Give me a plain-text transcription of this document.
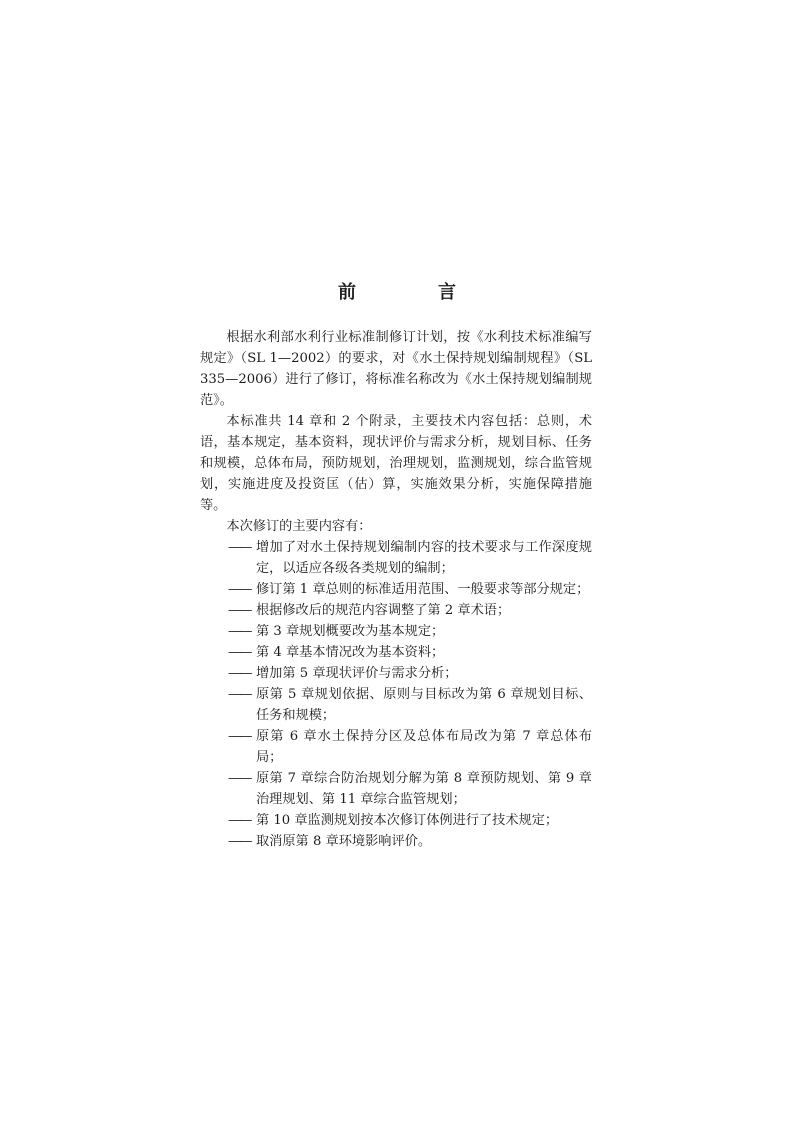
前　言

根据水利部水利行业标准制修订计划，按《水利技术标准编写规定》（SL 1—2002）的要求，对《水土保持规划编制规程》（SL 335—2006）进行了修订，将标准名称改为《水土保持规划编制规范》。

本标准共 14 章和 2 个附录，主要技术内容包括：总则，术语，基本规定，基本资料，现状评价与需求分析，规划目标、任务和规模，总体布局，预防规划，治理规划，监测规划，综合监管规划，实施进度及投资匡（估）算，实施效果分析，实施保障措施等。

本次修订的主要内容有：

—— 增加了对水土保持规划编制内容的技术要求与工作深度规定，以适应各级各类规划的编制；

—— 修订第 1 章总则的标准适用范围、一般要求等部分规定；

—— 根据修改后的规范内容调整了第 2 章术语；

—— 第 3 章规划概要改为基本规定；

—— 第 4 章基本情况改为基本资料；

—— 增加第 5 章现状评价与需求分析；

—— 原第 5 章规划依据、原则与目标改为第 6 章规划目标、任务和规模；

—— 原第 6 章水土保持分区及总体布局改为第 7 章总体布局；

—— 原第 7 章综合防治规划分解为第 8 章预防规划、第 9 章治理规划、第 11 章综合监管规划；

—— 第 10 章监测规划按本次修订体例进行了技术规定；

—— 取消原第 8 章环境影响评价。
